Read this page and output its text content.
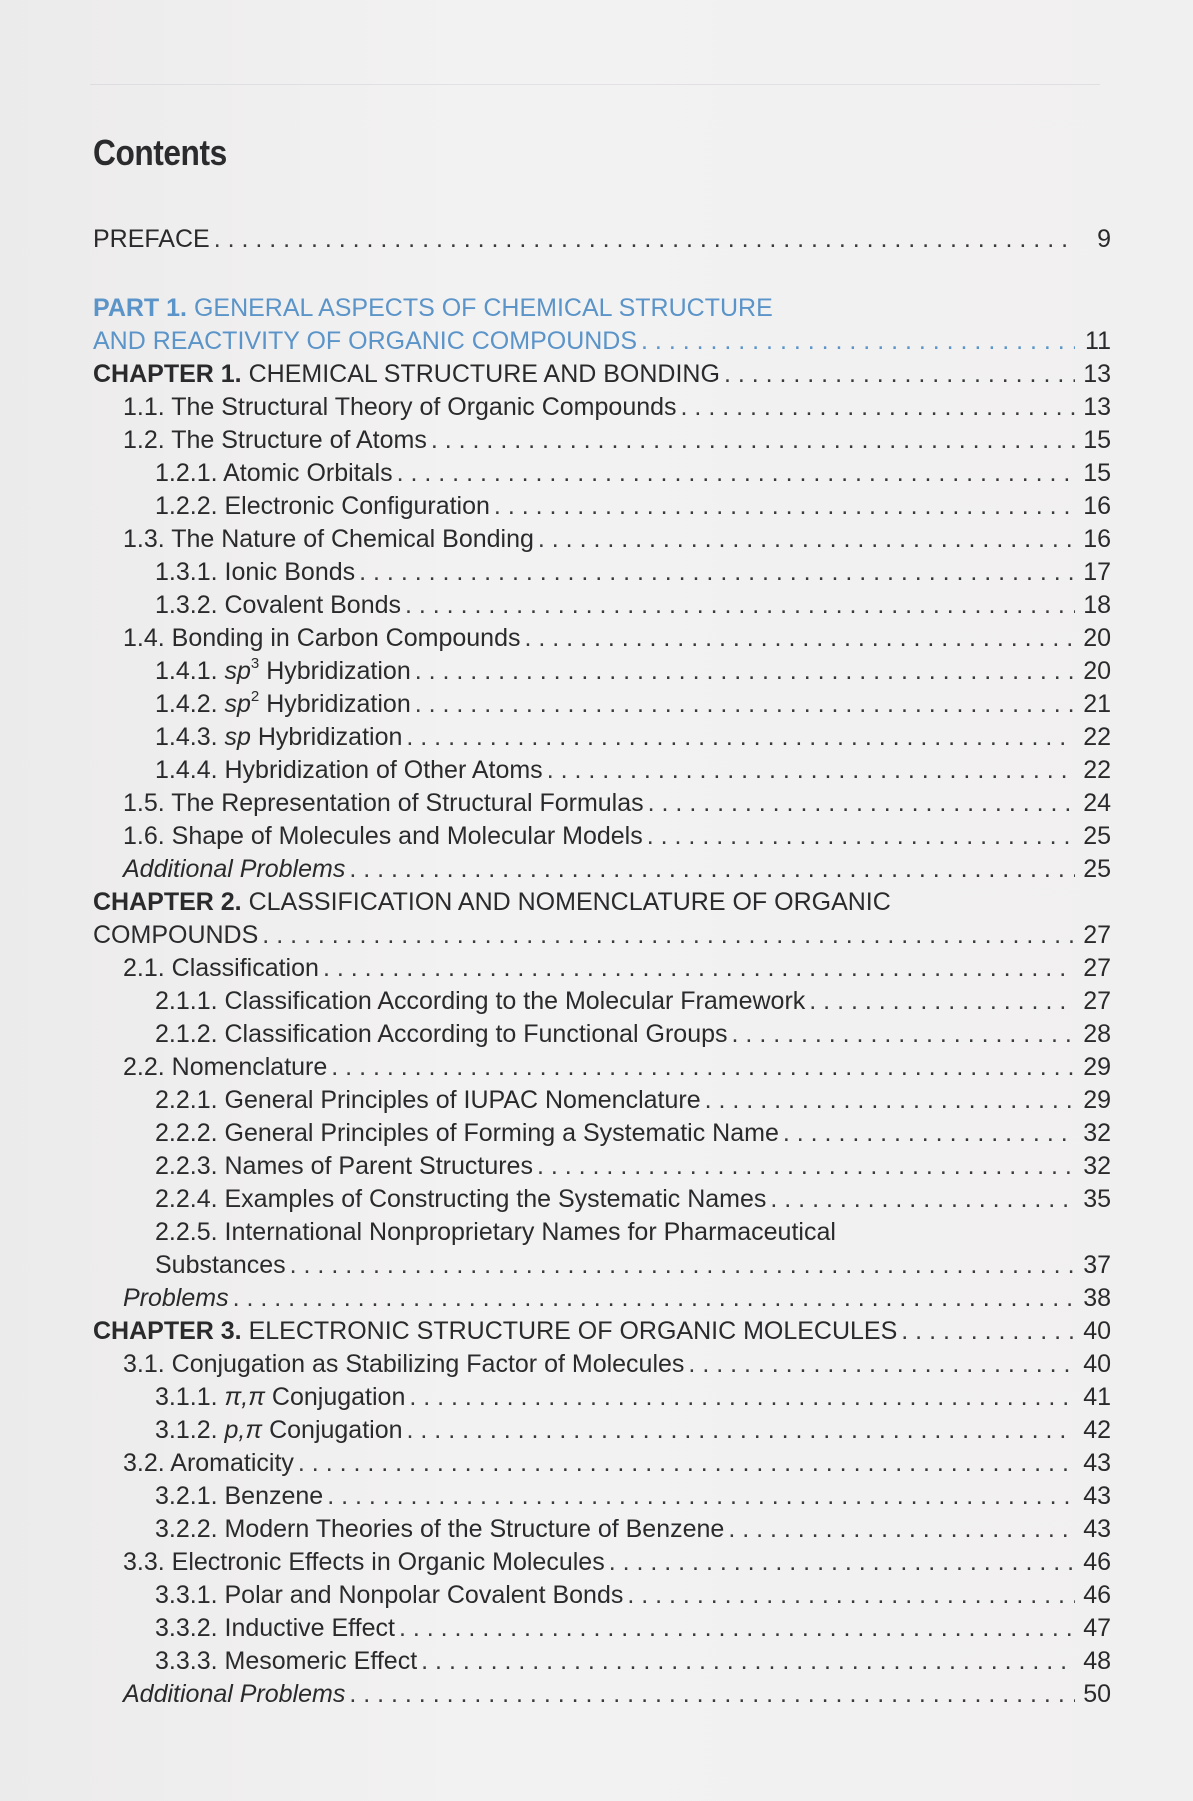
Contents
PREFACE . . .	9
PART 1. GENERAL ASPECTS OF CHEMICAL STRUCTURE
AND REACTIVITY OF ORGANIC COMPOUNDS . . .	11
CHAPTER 1. CHEMICAL STRUCTURE AND BONDING . . .	13
1.1. The Structural Theory of Organic Compounds . . .	13
1.2. The Structure of Atoms . . .	15
1.2.1. Atomic Orbitals . . .	15
1.2.2. Electronic Configuration . . .	16
1.3. The Nature of Chemical Bonding . . .	16
1.3.1. Ionic Bonds . . .	17
1.3.2. Covalent Bonds . . .	18
1.4. Bonding in Carbon Compounds . . .	20
1.4.1. $sp^3$ Hybridization . . .	20
1.4.2. $sp^2$ Hybridization . . .	21
1.4.3. sp Hybridization . . .	22
1.4.4. Hybridization of Other Atoms . . .	22
1.5. The Representation of Structural Formulas . . .	24
1.6. Shape of Molecules and Molecular Models . . .	25
Additional Problems . . .	25
CHAPTER 2. CLASSIFICATION AND NOMENCLATURE OF ORGANIC
COMPOUNDS . . .	27
2.1. Classification . . .	27
2.1.1. Classification According to the Molecular Framework . . .	27
2.1.2. Classification According to Functional Groups . . .	28
2.2. Nomenclature . . .	29
2.2.1. General Principles of IUPAC Nomenclature . . .	29
2.2.2. General Principles of Forming a Systematic Name . . .	32
2.2.3. Names of Parent Structures . . .	32
2.2.4. Examples of Constructing the Systematic Names . . .	35
2.2.5. International Nonproprietary Names for Pharmaceutical
Substances . . .	37
Problems . . .	38
CHAPTER 3. ELECTRONIC STRUCTURE OF ORGANIC MOLECULES . . .	40
3.1. Conjugation as Stabilizing Factor of Molecules . . .	40
3.1.1. π,π Conjugation . . .	41
3.1.2. p,π Conjugation . . .	42
3.2. Aromaticity . . .	43
3.2.1. Benzene . . .	43
3.2.2. Modern Theories of the Structure of Benzene . . .	43
3.3. Electronic Effects in Organic Molecules . . .	46
3.3.1. Polar and Nonpolar Covalent Bonds . . .	46
3.3.2. Inductive Effect . . .	47
3.3.3. Mesomeric Effect . . .	48
Additional Problems . . .	50
